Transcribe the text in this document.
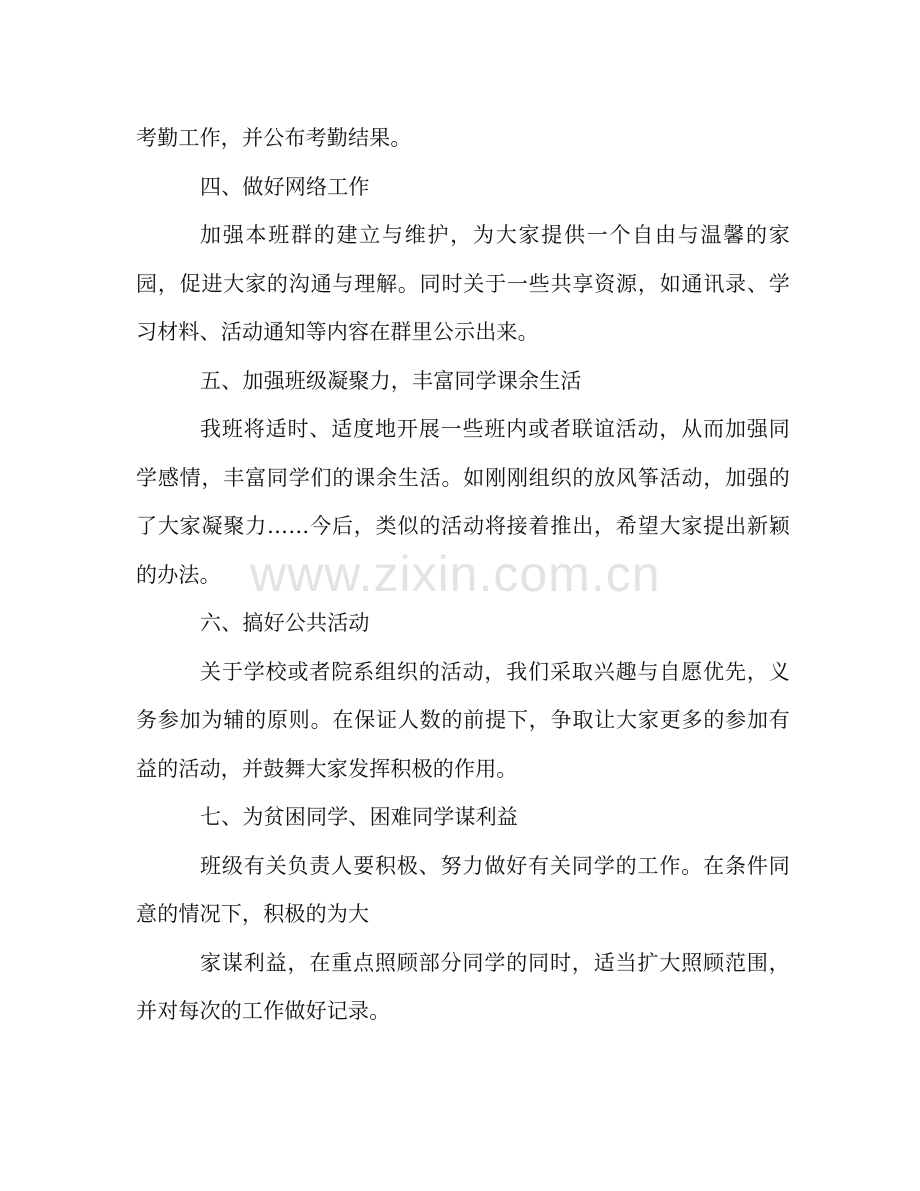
考勤工作，并公布考勤结果。

四、做好网络工作

加强本班群的建立与维护，为大家提供一个自由与温馨的家园，促进大家的沟通与理解。同时关于一些共享资源，如通讯录、学习材料、活动通知等内容在群里公示出来。

五、加强班级凝聚力，丰富同学课余生活

我班将适时、适度地开展一些班内或者联谊活动，从而加强同学感情，丰富同学们的课余生活。如刚刚组织的放风筝活动，加强的了大家凝聚力……今后，类似的活动将接着推出，希望大家提出新颖的办法。

六、搞好公共活动

关于学校或者院系组织的活动，我们采取兴趣与自愿优先，义务参加为辅的原则。在保证人数的前提下，争取让大家更多的参加有益的活动，并鼓舞大家发挥积极的作用。

七、为贫困同学、困难同学谋利益

班级有关负责人要积极、努力做好有关同学的工作。在条件同意的情况下，积极的为大

家谋利益，在重点照顾部分同学的同时，适当扩大照顾范围，并对每次的工作做好记录。

www.zixin.com.cn
